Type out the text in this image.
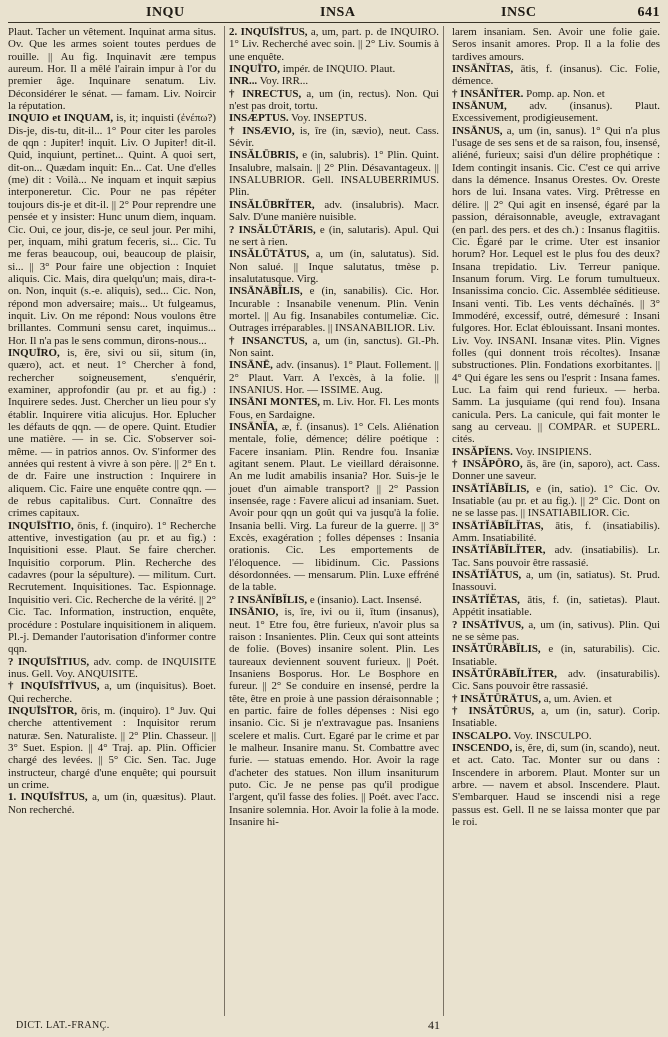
INQU	INSA	INSC	641

Plaut. Tacher un vêtement. Inquinat arma situs. Ov. Que les armes soient toutes perdues de rouille. || Au fig. Inquinavit ære tempus aureum. Hor. Il a mêlé l'airain impur à l'or du premier âge. Inquinare senatum. Liv. Déconsidérer le sénat. — famam. Liv. Noircir la réputation.

INQUIO et INQUAM, is, it; inquisti (ἐνέπω?) Dis-je, dis-tu, dit-il... 1° Pour citer les paroles de qqn : Jupiter! inquit. Liv. O Jupiter! dit-il. Quid, inquiunt, pertinet... Quint. A quoi sert, dit-on... Quædam inquit: En... Cat. Une d'elles (me) dit : Voilà... Ne inquam et inquit sæpius interponeretur. Cic. Pour ne pas répéter toujours dis-je et dit-il. || 2° Pour reprendre une pensée et y insister: Hunc unum diem, inquam. Cic. Oui, ce jour, dis-je, ce seul jour. Per mihi, per, inquam, mihi gratum feceris, si... Cic. Tu me feras beaucoup, oui, beaucoup de plaisir, si... || 3° Pour faire une objection : Inquiet aliquis. Cic. Mais, dira quelqu'un; mais, dira-t-on. Non, inquit (s.-e. aliquis), sed... Cic. Non, répond mon adversaire; mais... Ut fulgeamus, inquit. Liv. On me répond: Nous voulons être brillantes. Communi sensu caret, inquimus... Hor. Il n'a pas le sens commun, dirons-nous...

INQUĪRO, is, ēre, sivi ou sii, situm (in, quæro), act. et neut. 1° Chercher à fond, rechercher soigneusement, s'enquérir, examiner, approfondir (au pr. et au fig.) : Inquirere sedes. Just. Chercher un lieu pour s'y établir. Inquirere vitia alicujus. Hor. Eplucher les défauts de qqn. — de opere. Quint. Etudier une matière. — in se. Cic. S'observer soi-même. — in patrios annos. Ov. S'informer des années qui restent à vivre à son père. || 2° En t. de dr. Faire une instruction : Inquirere in aliquem. Cic. Faire une enquête contre qqn. — de rebus capitalibus. Curt. Connaître des crimes capitaux.

INQUĪSĪTIO, ōnis, f. (inquiro). 1° Recherche attentive, investigation (au pr. et au fig.) : Inquisitioni esse. Plaut. Se faire chercher. Inquisitio corporum. Plin. Recherche des cadavres (pour la sépulture). — militum. Curt. Recrutement. Inquisitiones. Tac. Espionnage. Inquisitio veri. Cic. Recherche de la vérité. || 2° Cic. Tac. Information, instruction, enquête, procédure : Postulare inquisitionem in aliquem. Pl.-j. Demander l'autorisation d'informer contre qqn.

? INQUĪSĪTIUS, adv. comp. de INQUISITE inus. Gell. Voy. ANQUISITE.

† INQUĪSĪTĪVUS, a, um (inquisitus). Boet. Qui recherche.

INQUĪSĪTOR, ōris, m. (inquiro). 1° Juv. Qui cherche attentivement : Inquisitor rerum naturæ. Sen. Naturaliste. || 2° Plin. Chasseur. || 3° Suet. Espion. || 4° Traj. ap. Plin. Officier chargé des levées. || 5° Cic. Sen. Tac. Juge instructeur, chargé d'une enquête; qui poursuit un crime.

1. INQUĪSĪTUS, a, um (in, quæsitus). Plaut. Non recherché.

2. INQUĪSĪTUS, a, um, part. p. de INQUIRO. 1° Liv. Recherché avec soin. || 2° Liv. Soumis à une enquête.

INQUĪTO, impér. de INQUIO. Plaut.

INR... Voy. IRR...

† INRECTUS, a, um (in, rectus). Non. Qui n'est pas droit, tortu.

INSÆPTUS. Voy. INSEPTUS.

† INSÆVIO, is, īre (in, sævio), neut. Cass. Sévir.

INSĂLŪBRIS, e (in, salubris). 1° Plin. Quint. Insalubre, malsain. || 2° Plin. Désavantageux. || INSALUBRIOR. Gell. INSALUBERRIMUS. Plin.

INSĂLŪBRĬTER, adv. (insalubris). Macr. Salv. D'une manière nuisible.

? INSĂLŪTĀRIS, e (in, salutaris). Apul. Qui ne sert à rien.

INSĂLŪTĀTUS, a, um (in, salutatus). Sid. Non salué. || Inque salutatus, tmèse p. insalutatusque. Virg.

INSĀNĀBĬLIS, e (in, sanabilis). Cic. Hor. Incurable : Insanabile venenum. Plin. Venin mortel. || Au fig. Insanabiles contumeliæ. Cic. Outrages irréparables. || INSANABILIOR. Liv.

† INSANCTUS, a, um (in, sanctus). Gl.-Ph. Non saint.

INSĀNĒ, adv. (insanus). 1° Plaut. Follement. || 2° Plaut. Varr. A l'excès, à la folie. || INSANIUS. Hor. — ISSIME. Aug.

INSĀNI MONTES, m. Liv. Hor. Fl. Les monts Fous, en Sardaigne.

INSĀNĬA, æ, f. (insanus). 1° Cels. Aliénation mentale, folie, démence; délire poétique : Facere insaniam. Plin. Rendre fou. Insaniæ agitant senem. Plaut. Le vieillard déraisonne. An me ludit amabilis insania? Hor. Suis-je le jouet d'un aimable transport? || 2° Passion insensée, rage : Favere alicui ad insaniam. Suet. Avoir pour qqn un goût qui va jusqu'à la folie. Insania belli. Virg. La fureur de la guerre. || 3° Excès, exagération ; folles dépenses : Insania orationis. Cic. Les emportements de l'éloquence. — libidinum. Cic. Passions désordonnées. — mensarum. Plin. Luxe effréné de la table.

? INSĀNĬBĬLIS, e (insanio). Lact. Insensé.

INSĀNIO, is, īre, ivi ou ii, ītum (insanus), neut. 1° Etre fou, être furieux, n'avoir plus sa raison : Insanientes. Plin. Ceux qui sont atteints de folie. (Boves) insanire solent. Plin. Les taureaux deviennent souvent furieux. || Poét. Insaniens Bosporus. Hor. Le Bosphore en fureur. || 2° Se conduire en insensé, perdre la tête, être en proie à une passion déraisonnable ; en partic. faire de folles dépenses : Nisi ego insanio. Cic. Si je n'extravague pas. Insaniens scelere et malis. Curt. Egaré par le crime et par le malheur. Insanire manu. St. Combattre avec furie. — statuas emendo. Hor. Avoir la rage d'acheter des statues. Non illum insaniturum puto. Cic. Je ne pense pas qu'il prodigue l'argent, qu'il fasse des folies. || Poét. avec l'acc. Insanire solemnia. Hor. Avoir la folie à la mode. Insanire hi-

larem insaniam. Sen. Avoir une folie gaie. Seros insanit amores. Prop. Il a la folie des tardives amours.

INSĀNĬTAS, ātis, f. (insanus). Cic. Folie, démence.

† INSĀNĬTER. Pomp. ap. Non. et

INSĀNUM, adv. (insanus). Plaut. Excessivement, prodigieusement.

INSĀNUS, a, um (in, sanus). 1° Qui n'a plus l'usage de ses sens et de sa raison, fou, insensé, aliéné, furieux; saisi d'un délire prophétique : Idem contingit insanis. Cic. C'est ce qui arrive dans la démence. Insanus Orestes. Ov. Oreste hors de lui. Insana vates. Virg. Prêtresse en délire. || 2° Qui agit en insensé, égaré par la passion, déraisonnable, aveugle, extravagant (en parl. des pers. et des ch.) : Insanus flagitiis. Cic. Égaré par le crime. Uter est insanior horum? Hor. Lequel est le plus fou des deux? Insana trepidatio. Liv. Terreur panique. Insanum forum. Virg. Le forum tumultueux. Insanissima concio. Cic. Assemblée séditieuse. Insani venti. Tib. Les vents déchaînés. || 3° Immodéré, excessif, outré, démesuré : Insani fulgores. Hor. Eclat éblouissant. Insani montes. Liv. Voy. INSANI. Insanæ vites. Plin. Vignes folles (qui donnent trois récoltes). Insanæ substructiones. Plin. Fondations exorbitantes. || 4° Qui égare les sens ou l'esprit : Insana fames. Luc. La faim qui rend furieux. — herba. Samm. La jusquiame (qui rend fou). Insana canicula. Pers. La canicule, qui fait monter le sang au cerveau. || COMPAR. et SUPERL. cités.

INSĂPĬENS. Voy. INSIPIENS.

† INSĂPŌRO, ās, āre (in, saporo), act. Cass. Donner une saveur.

INSĀTĬĀBĬLIS, e (in, satio). 1° Cic. Ov. Insatiable (au pr. et au fig.). || 2° Cic. Dont on ne se lasse pas. || INSATIABILIOR. Cic.

INSĀTĬĀBĬLĬTAS, ātis, f. (insatiabilis). Amm. Insatiabilité.

INSĀTĬĀBĬLĬTER, adv. (insatiabilis). Lr. Tac. Sans pouvoir être rassasié.

INSĀTĬĀTUS, a, um (in, satiatus). St. Prud. Inassouvi.

INSĀTĬĔTAS, ātis, f. (in, satietas). Plaut. Appétit insatiable.

? INSĀTĪVUS, a, um (in, sativus). Plin. Qui ne se sème pas.

INSĂTŬRĀBĬLIS, e (in, saturabilis). Cic. Insatiable.

INSĂTŬRĀBĬLĬTER, adv. (insaturabilis). Cic. Sans pouvoir être rassasié.

† INSĂTŪRĀTUS, a, um. Avien. et

† INSĂTŪRUS, a, um (in, satur). Corip. Insatiable.

INSCALPO. Voy. INSCULPO.

INSCENDO, is, ĕre, di, sum (in, scando), neut. et act. Cato. Tac. Monter sur ou dans : Inscendere in arborem. Plaut. Monter sur un arbre. — navem et absol. Inscendere. Plaut. S'embarquer. Haud se inscendi nisi a rege passus est. Gell. Il ne se laissa monter que par le roi.

DICT. LAT.-FRANÇ.	41
